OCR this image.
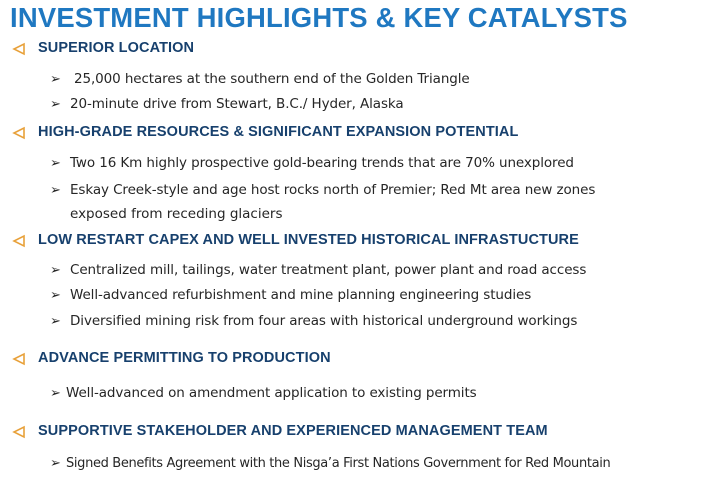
INVESTMENT HIGHLIGHTS & KEY CATALYSTS
SUPERIOR LOCATION
➢ 25,000 hectares at the southern end of the Golden Triangle
➢ 20-minute drive from Stewart, B.C./ Hyder, Alaska
HIGH-GRADE RESOURCES & SIGNIFICANT EXPANSION POTENTIAL
➢ Two 16 Km highly prospective gold-bearing trends that are 70% unexplored
➢ Eskay Creek-style and age host rocks north of Premier; Red Mt area new zones
exposed from receding glaciers
LOW RESTART CAPEX AND WELL INVESTED HISTORICAL INFRASTUCTURE
➢ Centralized mill, tailings, water treatment plant, power plant and road access
➢ Well-advanced refurbishment and mine planning engineering studies
➢ Diversified mining risk from four areas with historical underground workings
ADVANCE PERMITTING TO PRODUCTION
➢ Well-advanced on amendment application to existing permits
SUPPORTIVE STAKEHOLDER AND EXPERIENCED MANAGEMENT TEAM
➢ Signed Benefits Agreement with the Nisga’a First Nations Government for Red Mountain
